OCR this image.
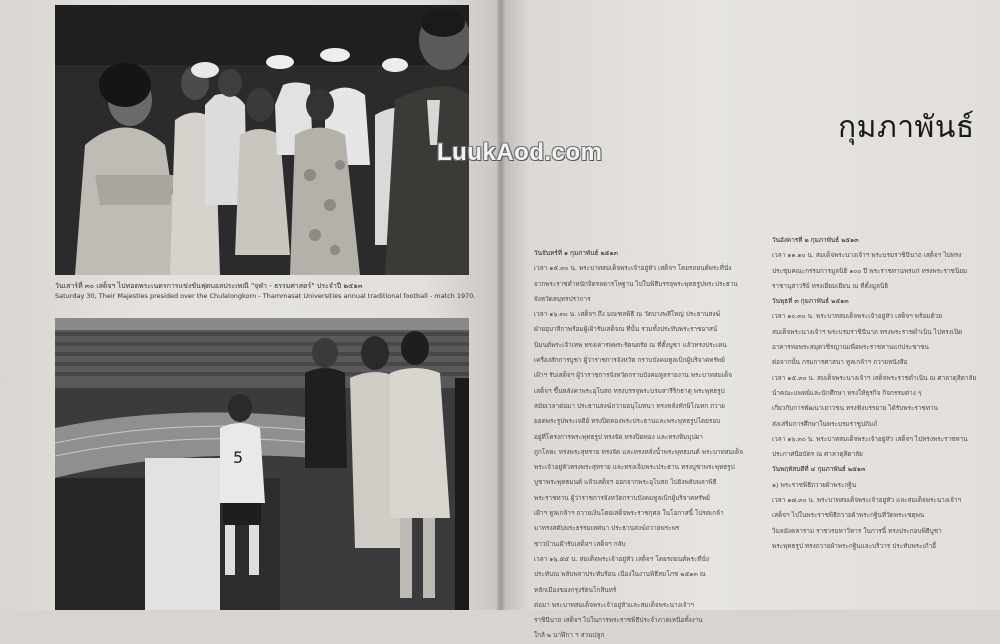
วันเสาร์ที่ ๓๐ เสด็จฯ ไปทอดพระเนตรการแข่งขันฟุตบอลประเพณี "จุฬา - ธรรมศาสตร์" ประจำปี ๒๕๑๓
Saturday 30, Their Majesties presided over the Chulalongkorn - Thammasat Universities annual traditional football - match 1970.
5
LuukAod.com
กุมภาพันธ์
วันจันทร์ที่ ๑ กุมภาพันธ์ ๒๕๑๓
เวลา ๑๕.๓๐ น. พระบาทสมเด็จพระเจ้าอยู่หัว เสด็จฯ โดยรถยนต์พระที่นั่ง
จากพระราชตำหนักจิตรลดารโหฐาน ไปในพิธีบรรจุพระพุทธรูปพระประธาน
จังหวัดสมุทรปราการ
เวลา ๑๖.๓๐ น. เสด็จฯ ถึง มณฑลพิธี ณ วัดบางพลีใหญ่ ประธานสงฆ์
ฝ่ายอุบาสิกาพร้อมผู้เฝ้ารับเสด็จณ ที่นั้น รวมทั้งประทับพระราชอาสน์
นิมนต์พระเจ้าเทพ ทรงเคารพพระรัตนตรัย ณ ที่ตั้งบูชา แล้วทรงประเคน
เครื่องสักการบูชา ผู้ว่าราชการจังหวัด กราบบังคมทูลเบิกผู้บริจาคทรัพย์
เฝ้าฯ รับเสด็จฯ ผู้ว่าราชการจังหวัดกราบบังคมทูลรายงาน พระบาทสมเด็จ
เสด็จฯ ขึ้นหลังคาพระอุโบสถ ทรงบรรจุพระบรมสารีริกธาตุ พระพุทธรูป
สมัยเวลาต่อมา ประธานสงฆ์ถวายอนุโมทนา ทรงหลั่งทักษิโณทก ถวาย
ยอดพระรูปพระเจดีย์ ทรงปิดทองพระประธานและพระพุทธรูปโดยรอบ
อยู่ที่โครงการพระพุทธรูป ทรงจัด ทรงปิดทอง และทรงหิมบุปผา
ถูกโลหะ ทรงพระสุหราย ทรงจัด และทรงหลั่งน้ำพระพุทธมนต์ พระบาทสมเด็จ
พระเจ้าอยู่หัวทรงพระสุหราย และทรงเจิมพระประธาน ทรงบูชาพระพุทธรูป
บูชาพระพุทธมนต์ แล้วเสด็จฯ ออกจากพระอุโบสถ ไปยังพลับพลาพิธี
พระราชทาน ผู้ว่าราชการจังหวัดกราบบังคมทูลเบิกผู้บริจาคทรัพย์
เฝ้าฯ ทูลเกล้าฯ ถวายเงินโดยเสด็จพระราชกุศล ในโอกาสนี้ โปรดเกล้า
มาทรงสดับพระธรรมเทศนา ประธานสงฆ์ถวายพระพร
ชาวบ้านเฝ้ารับเสด็จฯ เสด็จฯ กลับ
เวลา ๑๖.๕๕ น. สมเด็จพระเจ้าอยู่หัว เสด็จฯ โดยรถยนต์พระที่นั่ง
ประทับณ พลับพลาประทับร้อน เนื่องในงานพิธีสมโภช ๒๕๑๓ ณ
หลักเมืองของกรุงรัตนโกสินทร์
ต่อมา พระบาทสมเด็จพระเจ้าอยู่หัวและสมเด็จพระนางเจ้าฯ
ราชินีนาถ เสด็จฯ ไปในการพระราชพิธีประจำภาคเหนือทั้งงาน
ใกล้ ๒ นาฬิกา ฯ สวนปลูก
วันอังคารที่ ๒ กุมภาพันธ์ ๒๕๑๓
เวลา ๑๑.๑๐ น. สมเด็จพระนางเจ้าฯ พระบรมราชินีนาถ เสด็จฯ ไปทรง
ประชุมคณะกรรมการมูลนิธิ ๑๐๐ ปี พระราชทานพรแก่ ทรงพระราชนิยม
ราชานุสาวรีย์ ทรงเยี่ยมเยียน ณ ที่ตั้งมูลนิธิ
วันพุธที่ ๓ กุมภาพันธ์ ๒๕๑๓
เวลา ๑๐.๓๐ น. พระบาทสมเด็จพระเจ้าอยู่หัว เสด็จฯ พร้อมด้วย
สมเด็จพระนางเจ้าฯ พระบรมราชินีนาถ ทรงพระราชดำเนิน ไปทรงเปิด
อาคารหอพระสมุดวชิรญาณเพื่อพระราชทานแก่ประชาชน
ต่อจากนั้น กรมการศาสนา ทูลเกล้าฯ ถวายหนังสือ
เวลา ๑๕.๓๐ น. สมเด็จพระนางเจ้าฯ เสด็จพระราชดำเนิน ณ ศาลาดุสิดาลัย
นำคณะแพทย์และนักศึกษา ทรงให้ธุรกิจ กิจกรรมต่าง ๆ
เกี่ยวกับการพัฒนาเยาวชน ทรงฟังบรรยาย ได้รับพระราชทาน
ส่งเสริมการศึกษาในพระบรมราชูปถัมภ์
เวลา ๑๖.๓๐ น. พระบาทสมเด็จพระเจ้าอยู่หัว เสด็จฯ ไปทรงพระราชทาน
ประกาศนียบัตร ณ ศาลาดุสิดาลัย
วันพฤหัสบดีที่ ๔ กุมภาพันธ์ ๒๕๑๓
๑) พระราชพิธีถวายผ้าพระกฐิน
เวลา ๑๗.๓๐ น. พระบาทสมเด็จพระเจ้าอยู่หัว และสมเด็จพระนางเจ้าฯ
เสด็จฯ ไปในพระราชพิธีถวายผ้าพระกฐินที่วัดพระเชตุพน
วิมลมังคลาราม ราชวรมหาวิหาร ในการนี้ ทรงประกอบพิธีบูชา
พระพุทธรูป ทรงถวายผ้าพระกฐินและบริวาร ประทับพระเก้าอี้
